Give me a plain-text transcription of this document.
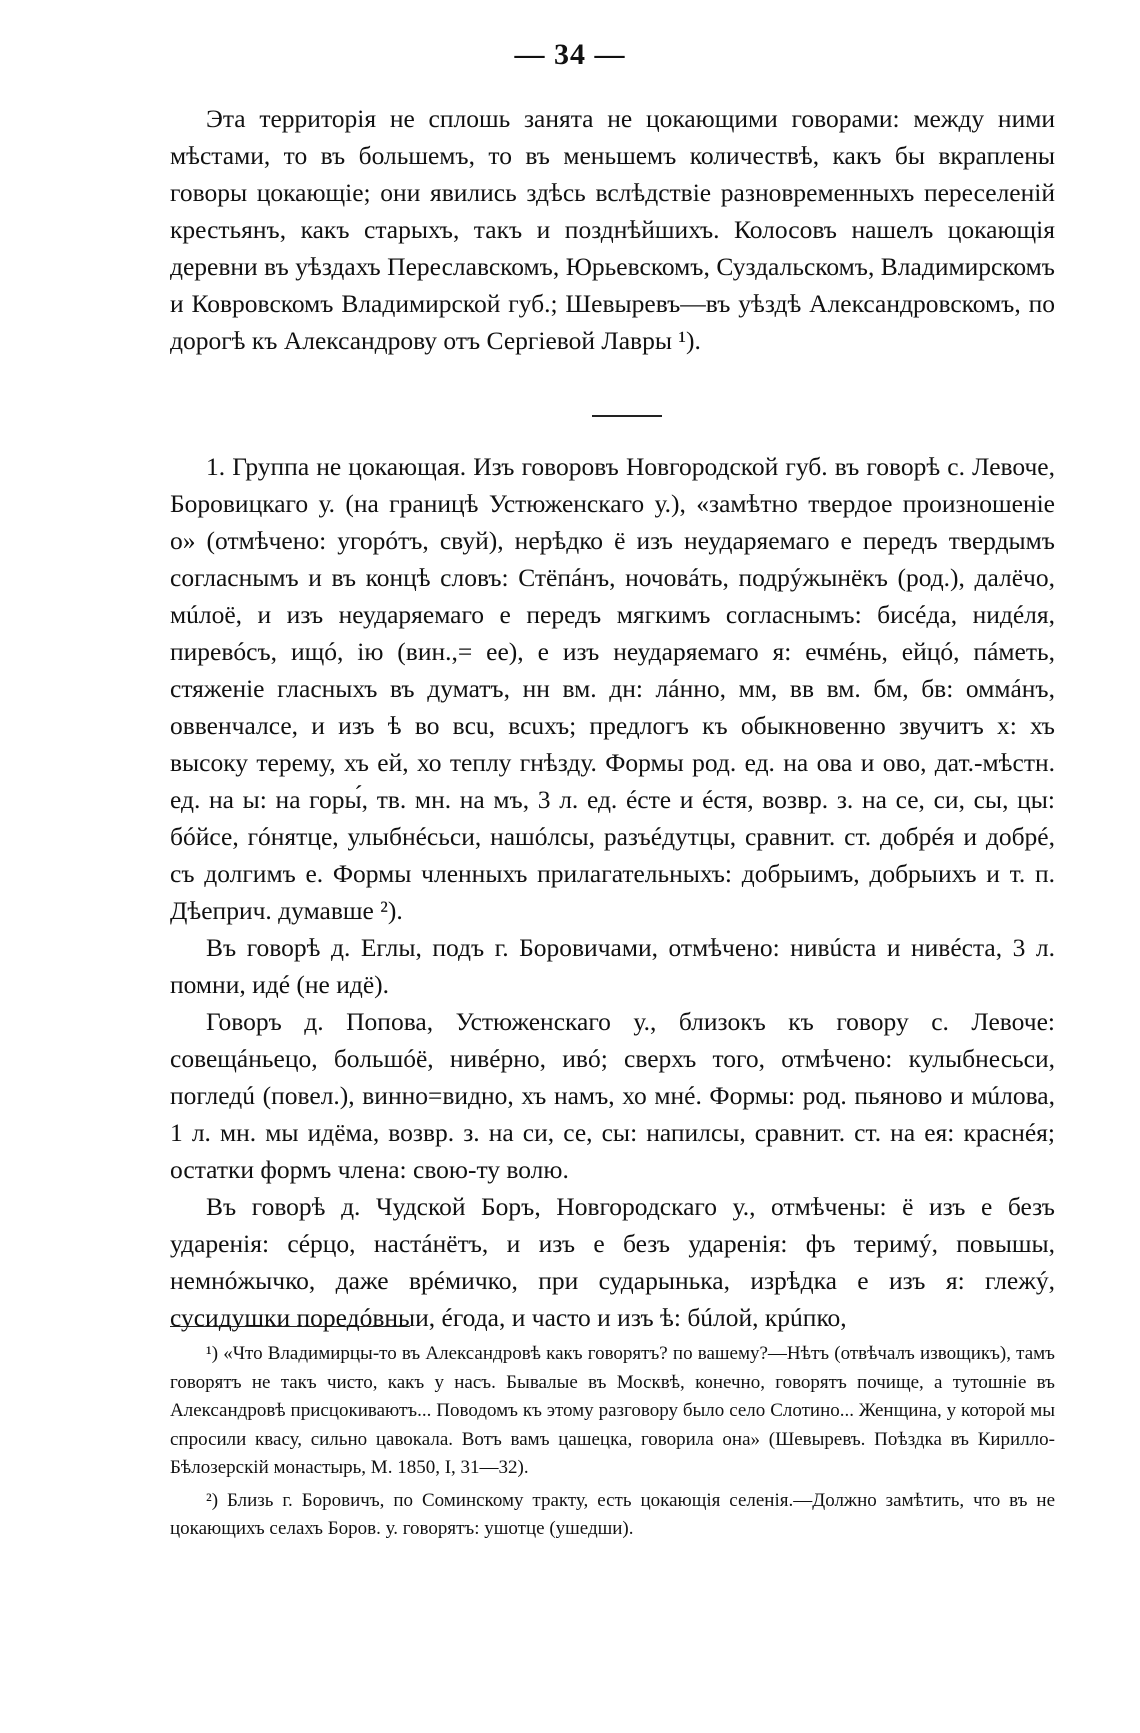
— 34 —

Эта территорія не сплошь занята не цокающими говорами: между ними мѣстами, то въ большемъ, то въ меньшемъ количествѣ, какъ бы вкраплены говоры цокающіе; они явились здѣсь вслѣдствіе разновременныхъ переселеній крестьянъ, какъ старыхъ, такъ и позднѣйшихъ. Колосовъ нашелъ цокающія деревни въ уѣздахъ Переславскомъ, Юрьевскомъ, Суздальскомъ, Владимирскомъ и Ковровскомъ Владимирской губ.; Шевыревъ—въ уѣздѣ Александровскомъ, по дорогѣ къ Александрову отъ Сергіевой Лавры ¹).

1. Группа не цокающая. Изъ говоровъ Новгородской губ. въ говорѣ с. Левоче, Боровицкаго у. (на границѣ Устюженскаго у.), «замѣтно твердое произношеніе о» (отмѣчено: угорóтъ, свуй), нерѣдко ё изъ неударяемаго е передъ твердымъ согласнымъ и въ концѣ словъ: Стёпáнъ, ночовáть, подрýжынёкъ (род.), далёчо, мúлоё, и изъ неударяемаго е передъ мягкимъ согласнымъ: бисéда, нидéля, пиревóсъ, ищó, iю (вин.,= ее), е изъ неударяемаго я: ечмéнь, ейцó, пáметь, стяженіе гласныхъ въ думатъ, нн вм. дн: лáнно, мм, вв вм. бм, бв: оммáнъ, оввенчалсе, и изъ ѣ во всu, всuхъ; предлогъ къ обыкновенно звучитъ х: хъ высоку терему, хъ ей, хо теплу гнѣзду. Формы род. ед. на ова и ово, дат.-мѣстн. ед. на ы: на горы́, тв. мн. на мъ, 3 л. ед. éсте и éстя, возвр. з. на се, си, сы, цы: бóйсе, гóнятце, улыбнéсьси, нашóлсы, разъéдутцы, сравнит. ст. добрéя и добрé, съ долгимъ е. Формы членныхъ прилагательныхъ: добрыимъ, добрыихъ и т. п. Дѣеприч. думавше ²).

Въ говорѣ д. Еглы, подъ г. Боровичами, отмѣчено: нивúста и нивéста, 3 л. помни, идé (не идё).

Говоръ д. Попова, Устюженскаго у., близокъ къ говору с. Левоче: совещáньецо, большóё, нивéрно, ивó; сверхъ того, отмѣчено: кулыбнесьси, погледú (повел.), винно=видно, хъ намъ, хо мнé. Формы: род. пьяново и мúлова, 1 л. мн. мы идёма, возвр. з. на си, се, сы: напилсы, сравнит. ст. на ея: краснéя; остатки формъ члена: свою-ту волю.

Въ говорѣ д. Чудской Боръ, Новгородскаго у., отмѣчены: ё изъ е безъ ударенія: сéрцо, настáнётъ, и изъ е безъ ударенія: фъ теримý, повышы, немнóжычко, даже врéмичко, при сударынька, изрѣдка е изъ я: глежý, сусидушки поредóвныи, éгода, и часто и изъ ѣ: бúлой, крúпко,

¹) «Что Владимирцы-то въ Александровѣ какъ говорятъ? по вашему?—Нѣтъ (отвѣчалъ извощикъ), тамъ говорятъ не такъ чисто, какъ у насъ. Бывалые въ Москвѣ, конечно, говорятъ почище, а тутошніе въ Александровѣ присцокиваютъ... Поводомъ къ этому разговору было село Слотино... Женщина, у которой мы спросили квасу, сильно цавокала. Вотъ вамъ цашецка, говорила она» (Шевыревъ. Поѣздка въ Кирилло-Бѣлозерскій монастырь, М. 1850, I, 31—32).

²) Близь г. Боровичъ, по Соминскому тракту, есть цокающія селенія.—Должно замѣтить, что въ не цокающихъ селахъ Боров. у. говорятъ: ушотце (ушедши).
